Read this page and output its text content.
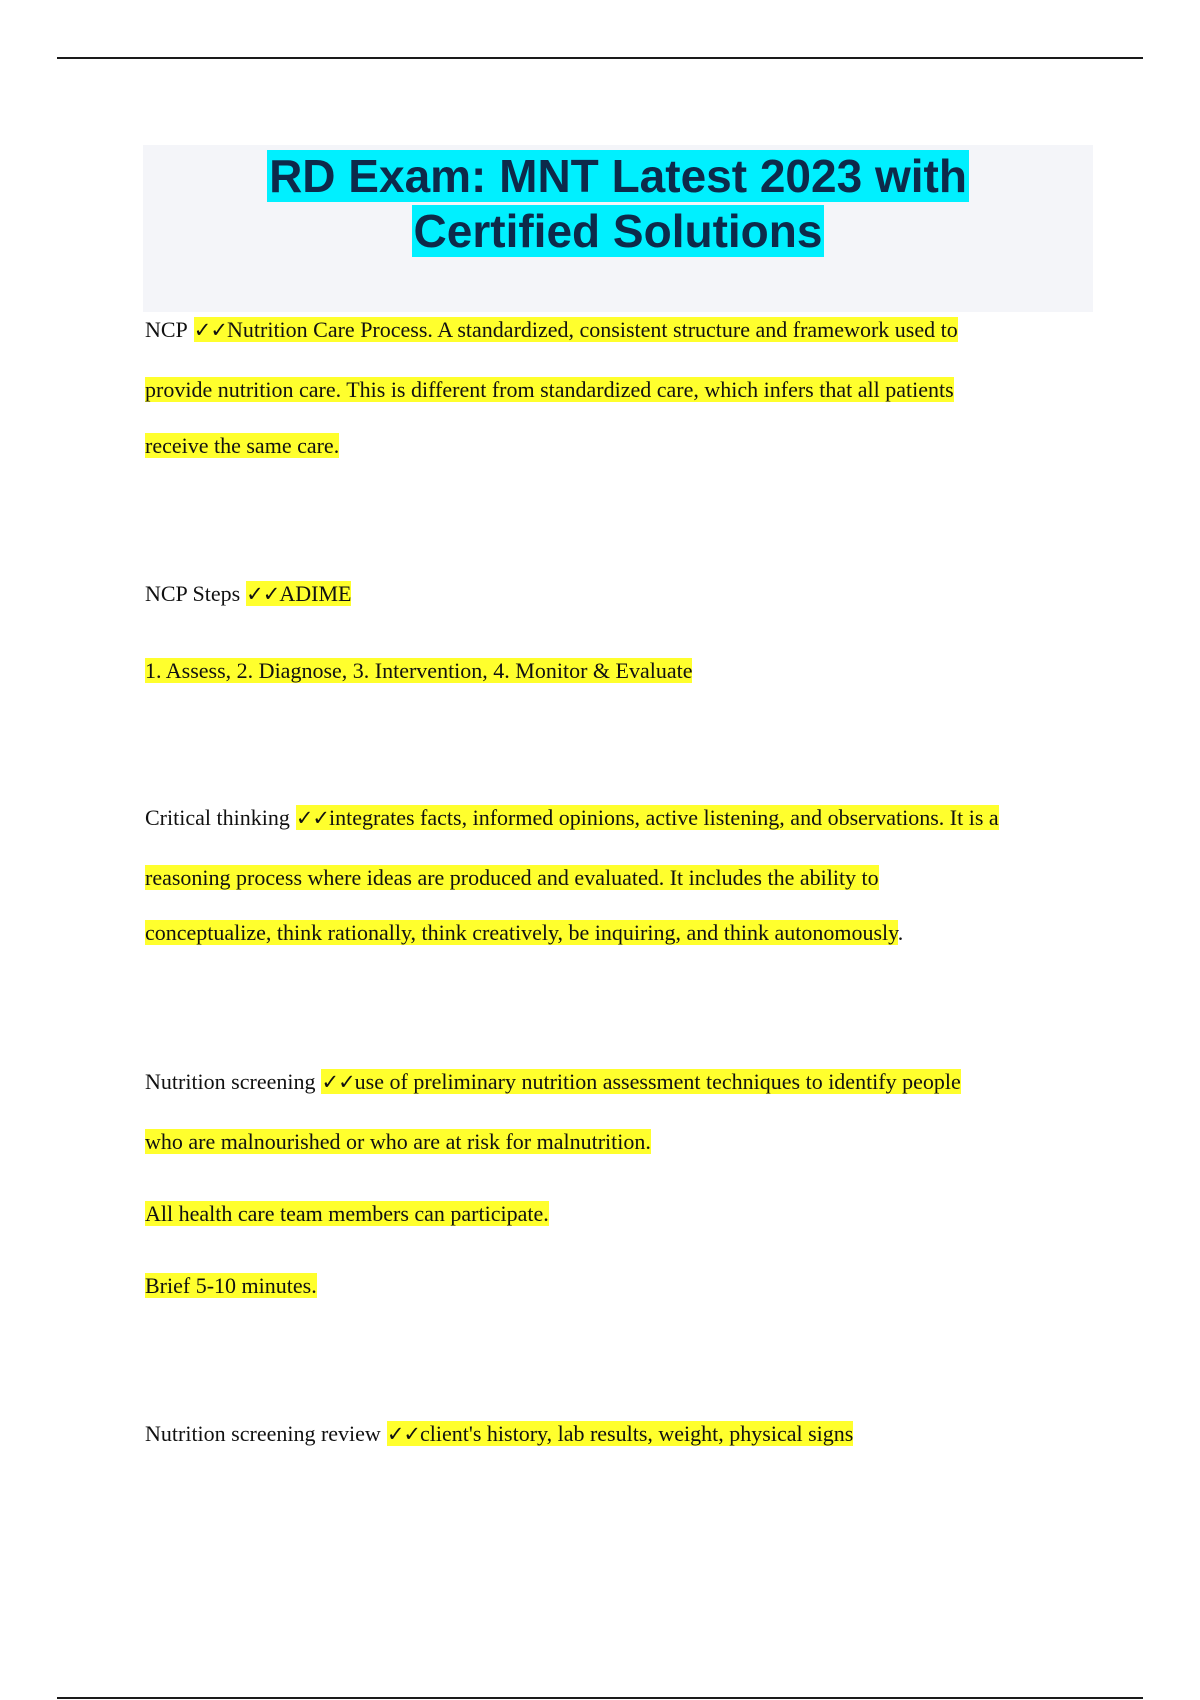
RD Exam: MNT Latest 2023 with
Certified Solutions
NCP ✓✓Nutrition Care Process. A standardized, consistent structure and framework used to
provide nutrition care. This is different from standardized care, which infers that all patients
receive the same care.
NCP Steps ✓✓ADIME
1. Assess, 2. Diagnose, 3. Intervention, 4. Monitor & Evaluate
Critical thinking ✓✓integrates facts, informed opinions, active listening, and observations. It is a
reasoning process where ideas are produced and evaluated. It includes the ability to
conceptualize, think rationally, think creatively, be inquiring, and think autonomously.
Nutrition screening ✓✓use of preliminary nutrition assessment techniques to identify people
who are malnourished or who are at risk for malnutrition.
All health care team members can participate.
Brief 5-10 minutes.
Nutrition screening review ✓✓client's history, lab results, weight, physical signs
